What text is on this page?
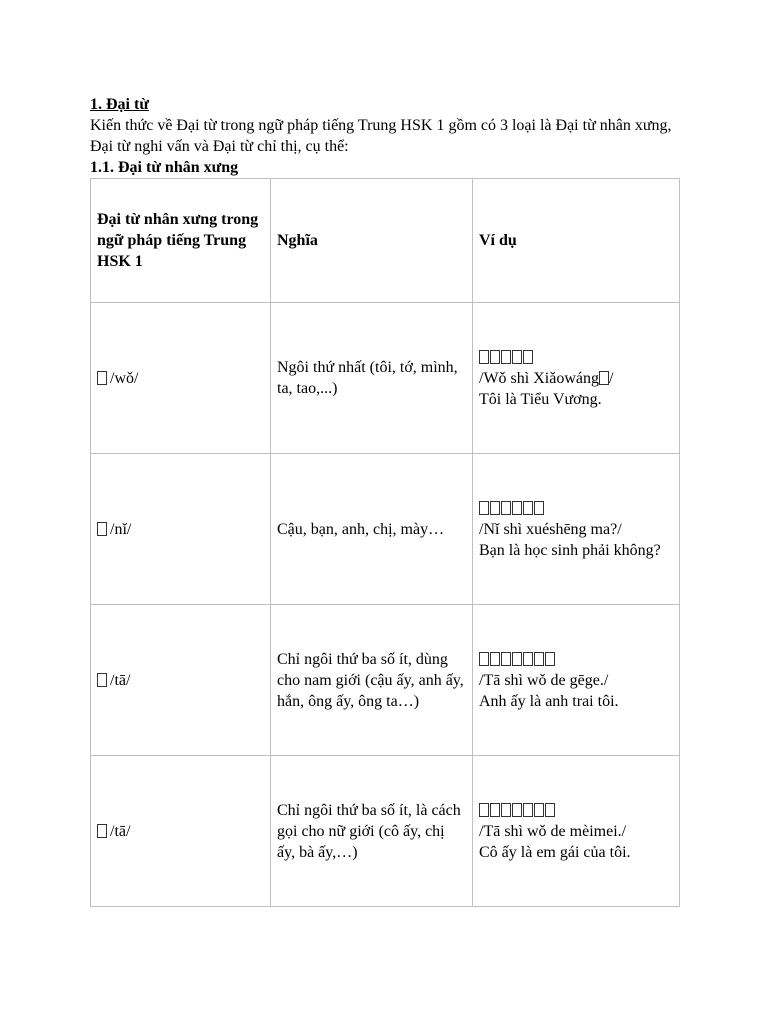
1. Đại từ

Kiến thức về Đại từ trong ngữ pháp tiếng Trung HSK 1 gồm có 3 loại là Đại từ nhân xưng, Đại từ nghi vấn và Đại từ chỉ thị, cụ thể:

1.1. Đại từ nhân xưng

Đại từ nhân xưng trong ngữ pháp tiếng Trung HSK 1	Nghĩa	Ví dụ
/wǒ/	Ngôi thứ nhất (tôi, tớ, mình, ta, tao,...)	/Wǒ shì Xiǎowáng /
Tôi là Tiểu Vương.
/nǐ/	Cậu, bạn, anh, chị, mày…	/Nǐ shì xuéshēng ma?/
Bạn là học sinh phải không?
/tā/	Chỉ ngôi thứ ba số ít, dùng cho nam giới (cậu ấy, anh ấy, hắn, ông ấy, ông ta…)	/Tā shì wǒ de gēge./
Anh ấy là anh trai tôi.
/tā/	Chỉ ngôi thứ ba số ít, là cách gọi cho nữ giới (cô ấy, chị ấy, bà ấy,…)	/Tā shì wǒ de mèimei./
Cô ấy là em gái của tôi.
